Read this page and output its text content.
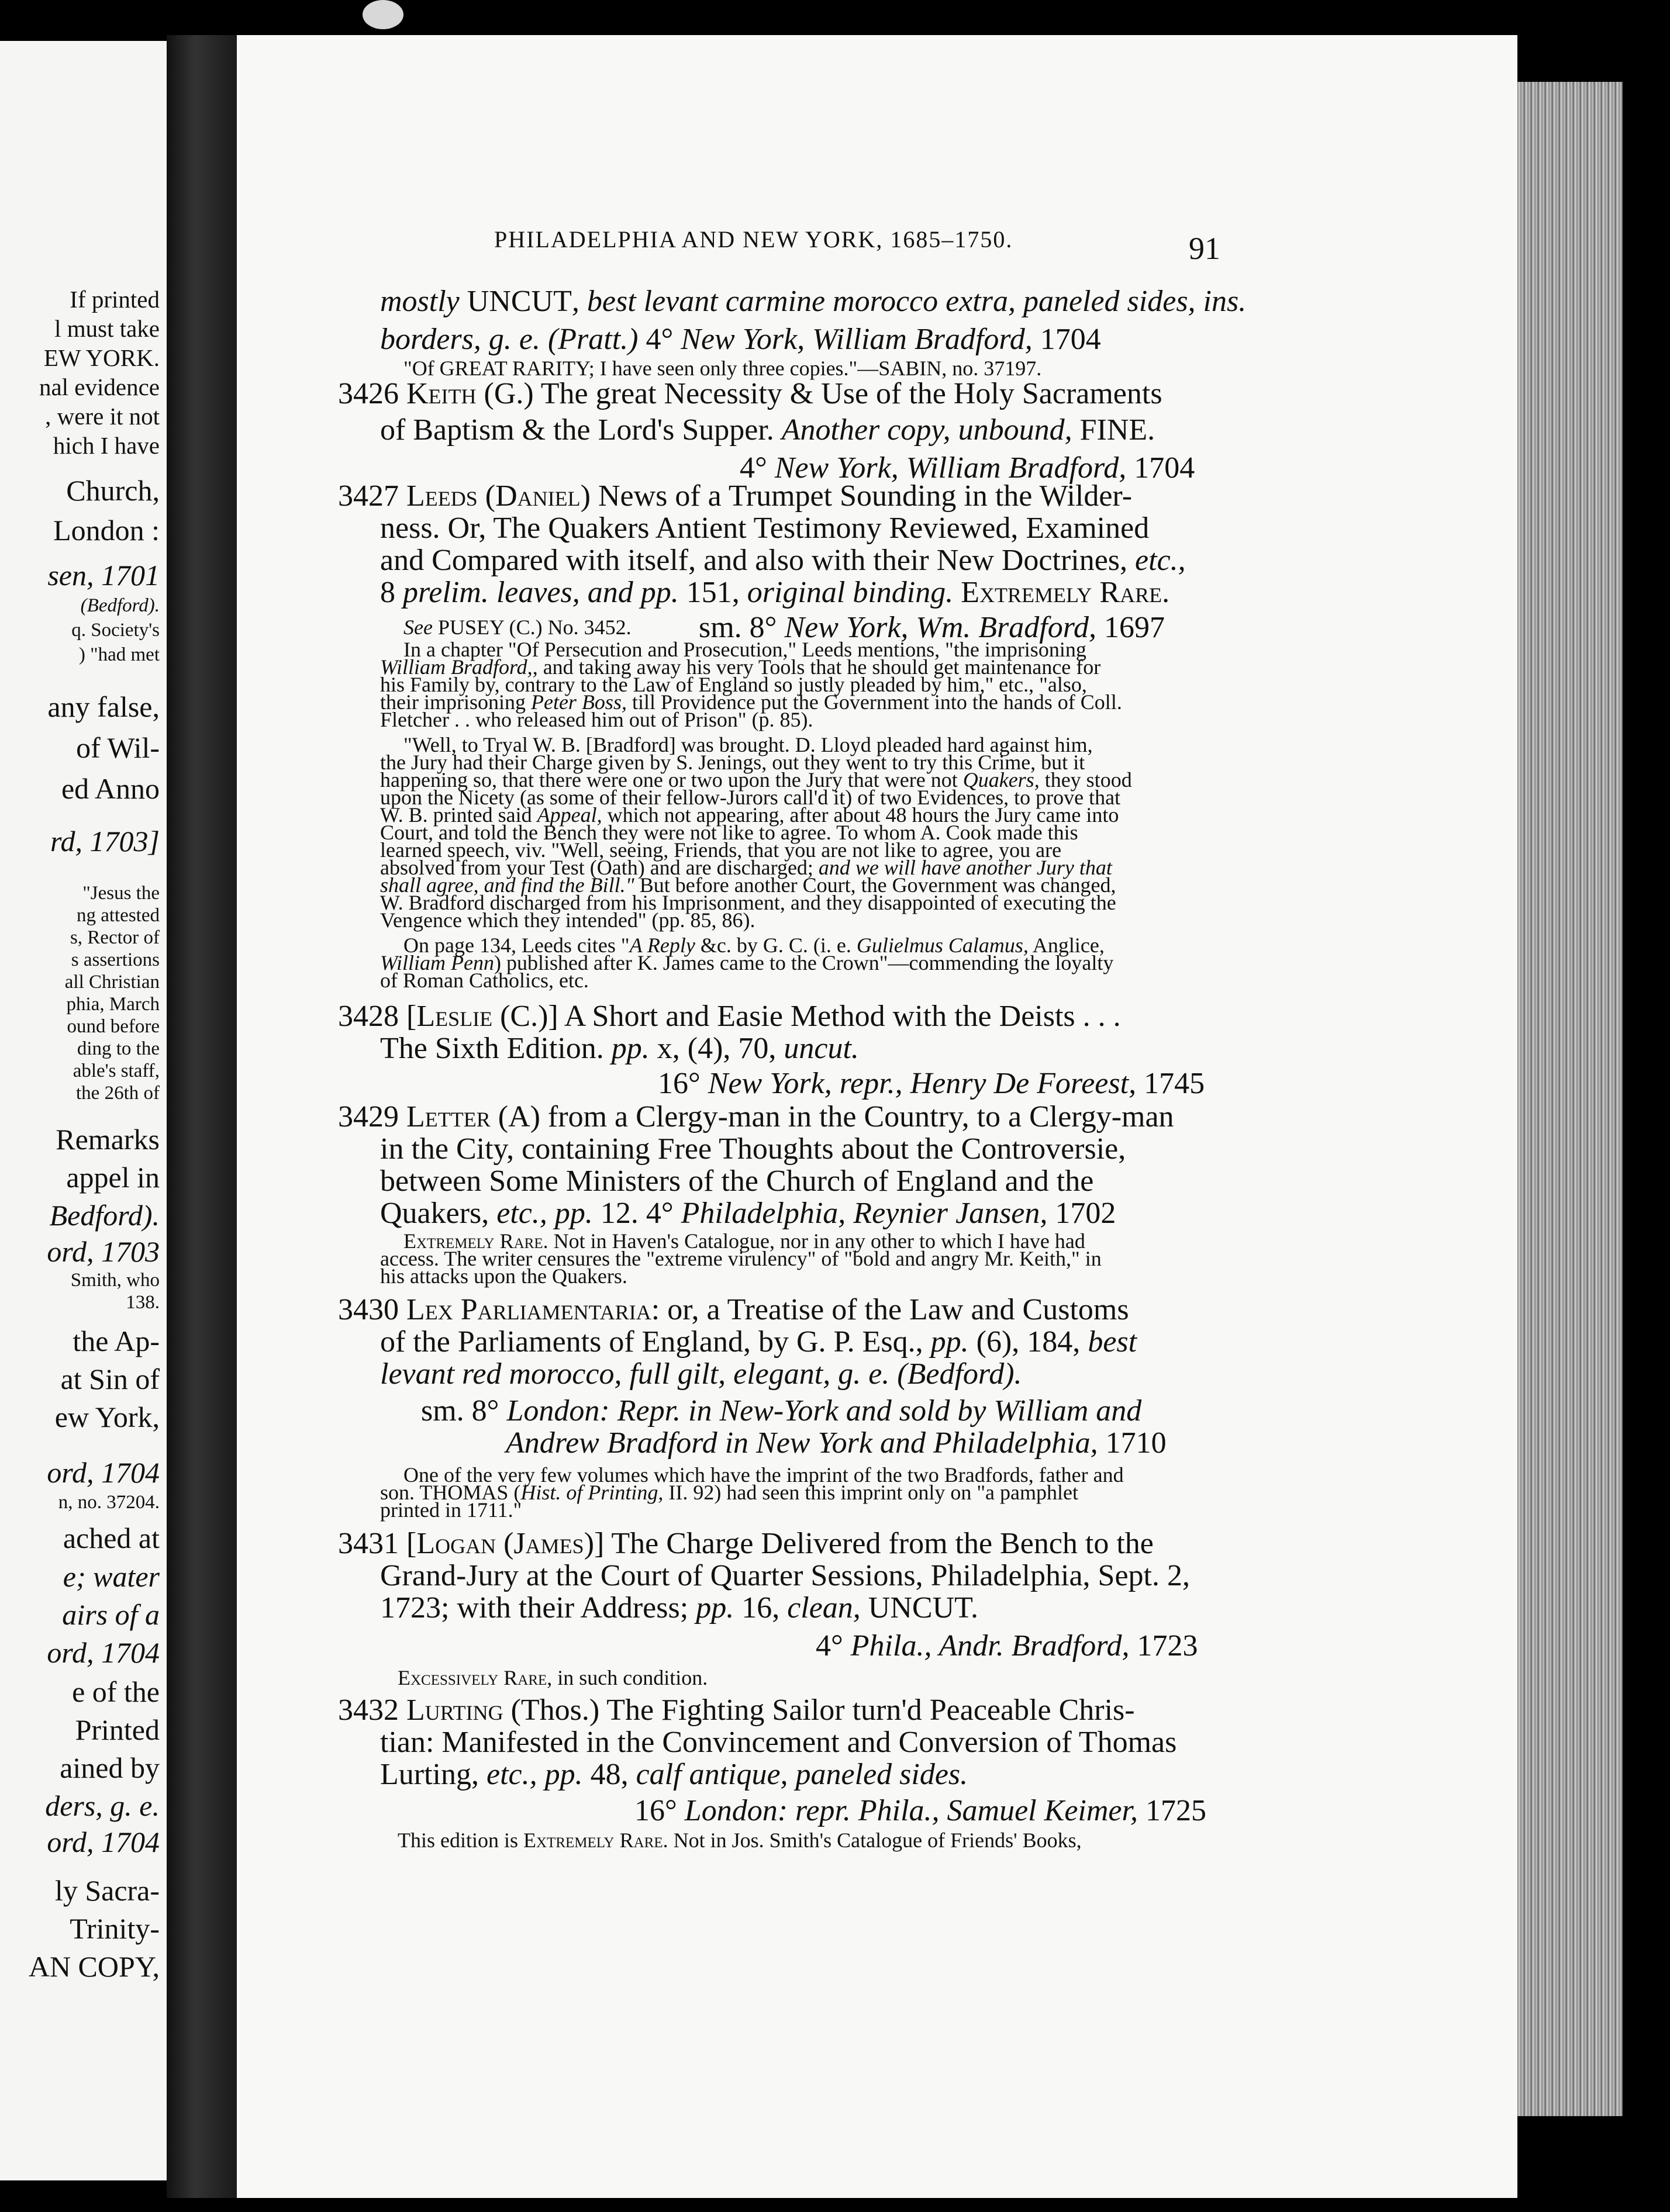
If printed
l must take
EW YORK.
nal evidence
, were it not
hich I have
Church,
London :
sen, 1701
(Bedford).
q. Society's
) "had met
any false,
of Wil-
ed Anno
rd, 1703]
"Jesus the
ng attested
s, Rector of
s assertions
all Christian
phia, March
ound before
ding to the
able's staff,
the 26th of
Remarks
appel in
Bedford).
ord, 1703
Smith, who
138.
the Ap-
at Sin of
ew York,
ord, 1704
n, no. 37204.
ached at
e; water
airs of a
ord, 1704
e of the
Printed
ained by
ders, g. e.
ord, 1704
ly Sacra-
Trinity-
AN COPY,
PHILADELPHIA AND NEW YORK, 1685–1750.	91
mostly UNCUT, best levant carmine morocco extra, paneled sides, ins.
borders, g. e. (Pratt.) 4° New York, William Bradford, 1704
"Of GREAT RARITY; I have seen only three copies."—SABIN, no. 37197.
3426 Keith (G.) The great Necessity & Use of the Holy Sacraments
of Baptism & the Lord's Supper. Another copy, unbound, FINE.
4° New York, William Bradford, 1704
3427 Leeds (Daniel) News of a Trumpet Sounding in the Wilder-
ness. Or, The Quakers Antient Testimony Reviewed, Examined
and Compared with itself, and also with their New Doctrines, etc.,
8 prelim. leaves, and pp. 151, original binding. Extremely Rare.
sm. 8° New York, Wm. Bradford, 1697
See PUSEY (C.) No. 3452.
In a chapter "Of Persecution and Prosecution," Leeds mentions, "the imprisoning
William Bradford,, and taking away his very Tools that he should get maintenance for
his Family by, contrary to the Law of England so justly pleaded by him," etc., "also,
their imprisoning Peter Boss, till Providence put the Government into the hands of Coll.
Fletcher . . who released him out of Prison" (p. 85).
"Well, to Tryal W. B. [Bradford] was brought. D. Lloyd pleaded hard against him,
the Jury had their Charge given by S. Jenings, out they went to try this Crime, but it
happening so, that there were one or two upon the Jury that were not Quakers, they stood
upon the Nicety (as some of their fellow-Jurors call'd it) of two Evidences, to prove that
W. B. printed said Appeal, which not appearing, after about 48 hours the Jury came into
Court, and told the Bench they were not like to agree. To whom A. Cook made this
learned speech, viv. "Well, seeing, Friends, that you are not like to agree, you are
absolved from your Test (Oath) and are discharged; and we will have another Jury that
shall agree, and find the Bill." But before another Court, the Government was changed,
W. Bradford discharged from his Imprisonment, and they disappointed of executing the
Vengence which they intended" (pp. 85, 86).
On page 134, Leeds cites "A Reply &c. by G. C. (i. e. Gulielmus Calamus, Anglice,
William Penn) published after K. James came to the Crown"—commending the loyalty
of Roman Catholics, etc.
3428 [Leslie (C.)] A Short and Easie Method with the Deists . . .
The Sixth Edition. pp. x, (4), 70, uncut.
16° New York, repr., Henry De Foreest, 1745
3429 Letter (A) from a Clergy-man in the Country, to a Clergy-man
in the City, containing Free Thoughts about the Controversie,
between Some Ministers of the Church of England and the
Quakers, etc., pp. 12. 4° Philadelphia, Reynier Jansen, 1702
Extremely Rare. Not in Haven's Catalogue, nor in any other to which I have had
access. The writer censures the "extreme virulency" of "bold and angry Mr. Keith," in
his attacks upon the Quakers.
3430 Lex Parliamentaria: or, a Treatise of the Law and Customs
of the Parliaments of England, by G. P. Esq., pp. (6), 184, best
levant red morocco, full gilt, elegant, g. e. (Bedford).
sm. 8° London: Repr. in New-York and sold by William and
Andrew Bradford in New York and Philadelphia, 1710
One of the very few volumes which have the imprint of the two Bradfords, father and
son. THOMAS (Hist. of Printing, II. 92) had seen this imprint only on "a pamphlet
printed in 1711."
3431 [Logan (James)] The Charge Delivered from the Bench to the
Grand-Jury at the Court of Quarter Sessions, Philadelphia, Sept. 2,
1723; with their Address; pp. 16, clean, UNCUT.
4° Phila., Andr. Bradford, 1723
Excessively Rare, in such condition.
3432 Lurting (Thos.) The Fighting Sailor turn'd Peaceable Chris-
tian: Manifested in the Convincement and Conversion of Thomas
Lurting, etc., pp. 48, calf antique, paneled sides.
16° London: repr. Phila., Samuel Keimer, 1725
This edition is Extremely Rare. Not in Jos. Smith's Catalogue of Friends' Books,
